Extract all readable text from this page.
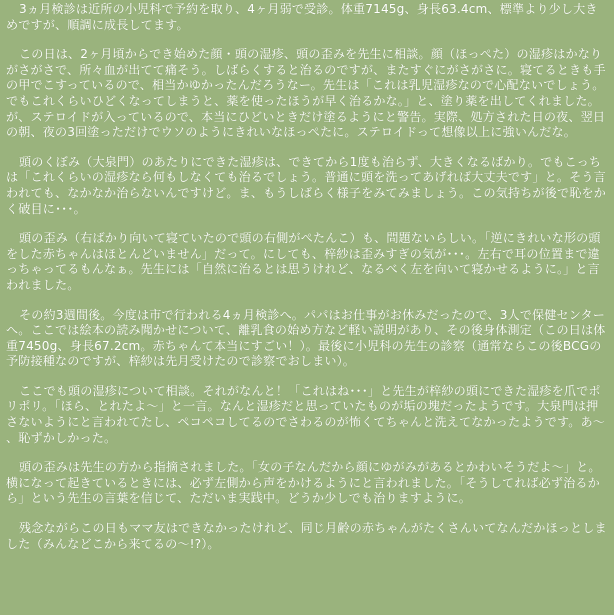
3ヵ月検診は近所の小児科で予約を取り、4ヶ月弱で受診。体重7145g、身長63.4cm、標準より少し大きめですが、順調に成長してます。

この日は、2ヶ月頃からでき始めた顔・頭の湿疹、頭の歪みを先生に相談。顔（ほっぺた）の湿疹はかなりがさがさで、所々血が出てて痛そう。しばらくすると治るのですが、またすぐにがさがさに。寝てるときも手の甲でこすっているので、相当かゆかったんだろうなー。先生は「これは乳児湿疹なので心配ないでしょう。でもこれくらいひどくなってしまうと、薬を使ったほうが早く治るかな。」と、塗り薬を出してくれました。が、ステロイドが入っているので、本当にひどいときだけ塗るようにと警告。実際、処方された日の夜、翌日の朝、夜の3回塗っただけでウソのようにきれいなほっぺたに。ステロイドって想像以上に強いんだな。

頭のくぼみ（大泉門）のあたりにできた湿疹は、できてから1度も治らず、大きくなるばかり。でもこっちは「これくらいの湿疹なら何もしなくても治るでしょう。普通に頭を洗ってあげれば大丈夫です」と。そう言われても、なかなか治らないんですけど。ま、もうしばらく様子をみてみましょう。この気持ちが後で恥をかく破目に･･･。

頭の歪み（右ばかり向いて寝ていたので頭の右側がぺたんこ）も、問題ないらしい。「逆にきれいな形の頭をした赤ちゃんはほとんどいません」だって。にしても、梓紗は歪みすぎの気が･･･。左右で耳の位置まで違っちゃってるもんなぁ。先生には「自然に治るとは思うけれど、なるべく左を向いて寝かせるように。」と言われました。

その約3週間後。今度は市で行われる4ヵ月検診へ。パパはお仕事がお休みだったので、3人で保健センターへ。ここでは絵本の読み聞かせについて、離乳食の始め方など軽い説明があり、その後身体測定（この日は体重7450g、身長67.2cm。赤ちゃんて本当にすごい！）。最後に小児科の先生の診察（通常ならこの後BCGの予防接種なのですが、梓紗は先月受けたので診察でおしまい）。

ここでも頭の湿疹について相談。それがなんと！「これはね･･･」と先生が梓紗の頭にできた湿疹を爪でポリポリ。「ほら、とれたよ～」と一言。なんと湿疹だと思っていたものが垢の塊だったようです。大泉門は押さないようにと言われてたし、ペコペコしてるのでさわるのが怖くてちゃんと洗えてなかったようです。あ～、恥ずかしかった。

頭の歪みは先生の方から指摘されました。「女の子なんだから顔にゆがみがあるとかわいそうだよ～」と。横になって起きているときには、必ず左側から声をかけるようにと言われました。「そうしてれば必ず治るから」という先生の言葉を信じて、ただいま実践中。どうか少しでも治りますように。

残念ながらこの日もママ友はできなかったけれど、同じ月齢の赤ちゃんがたくさんいてなんだかほっとしました（みんなどこから来てるの～!?）。
